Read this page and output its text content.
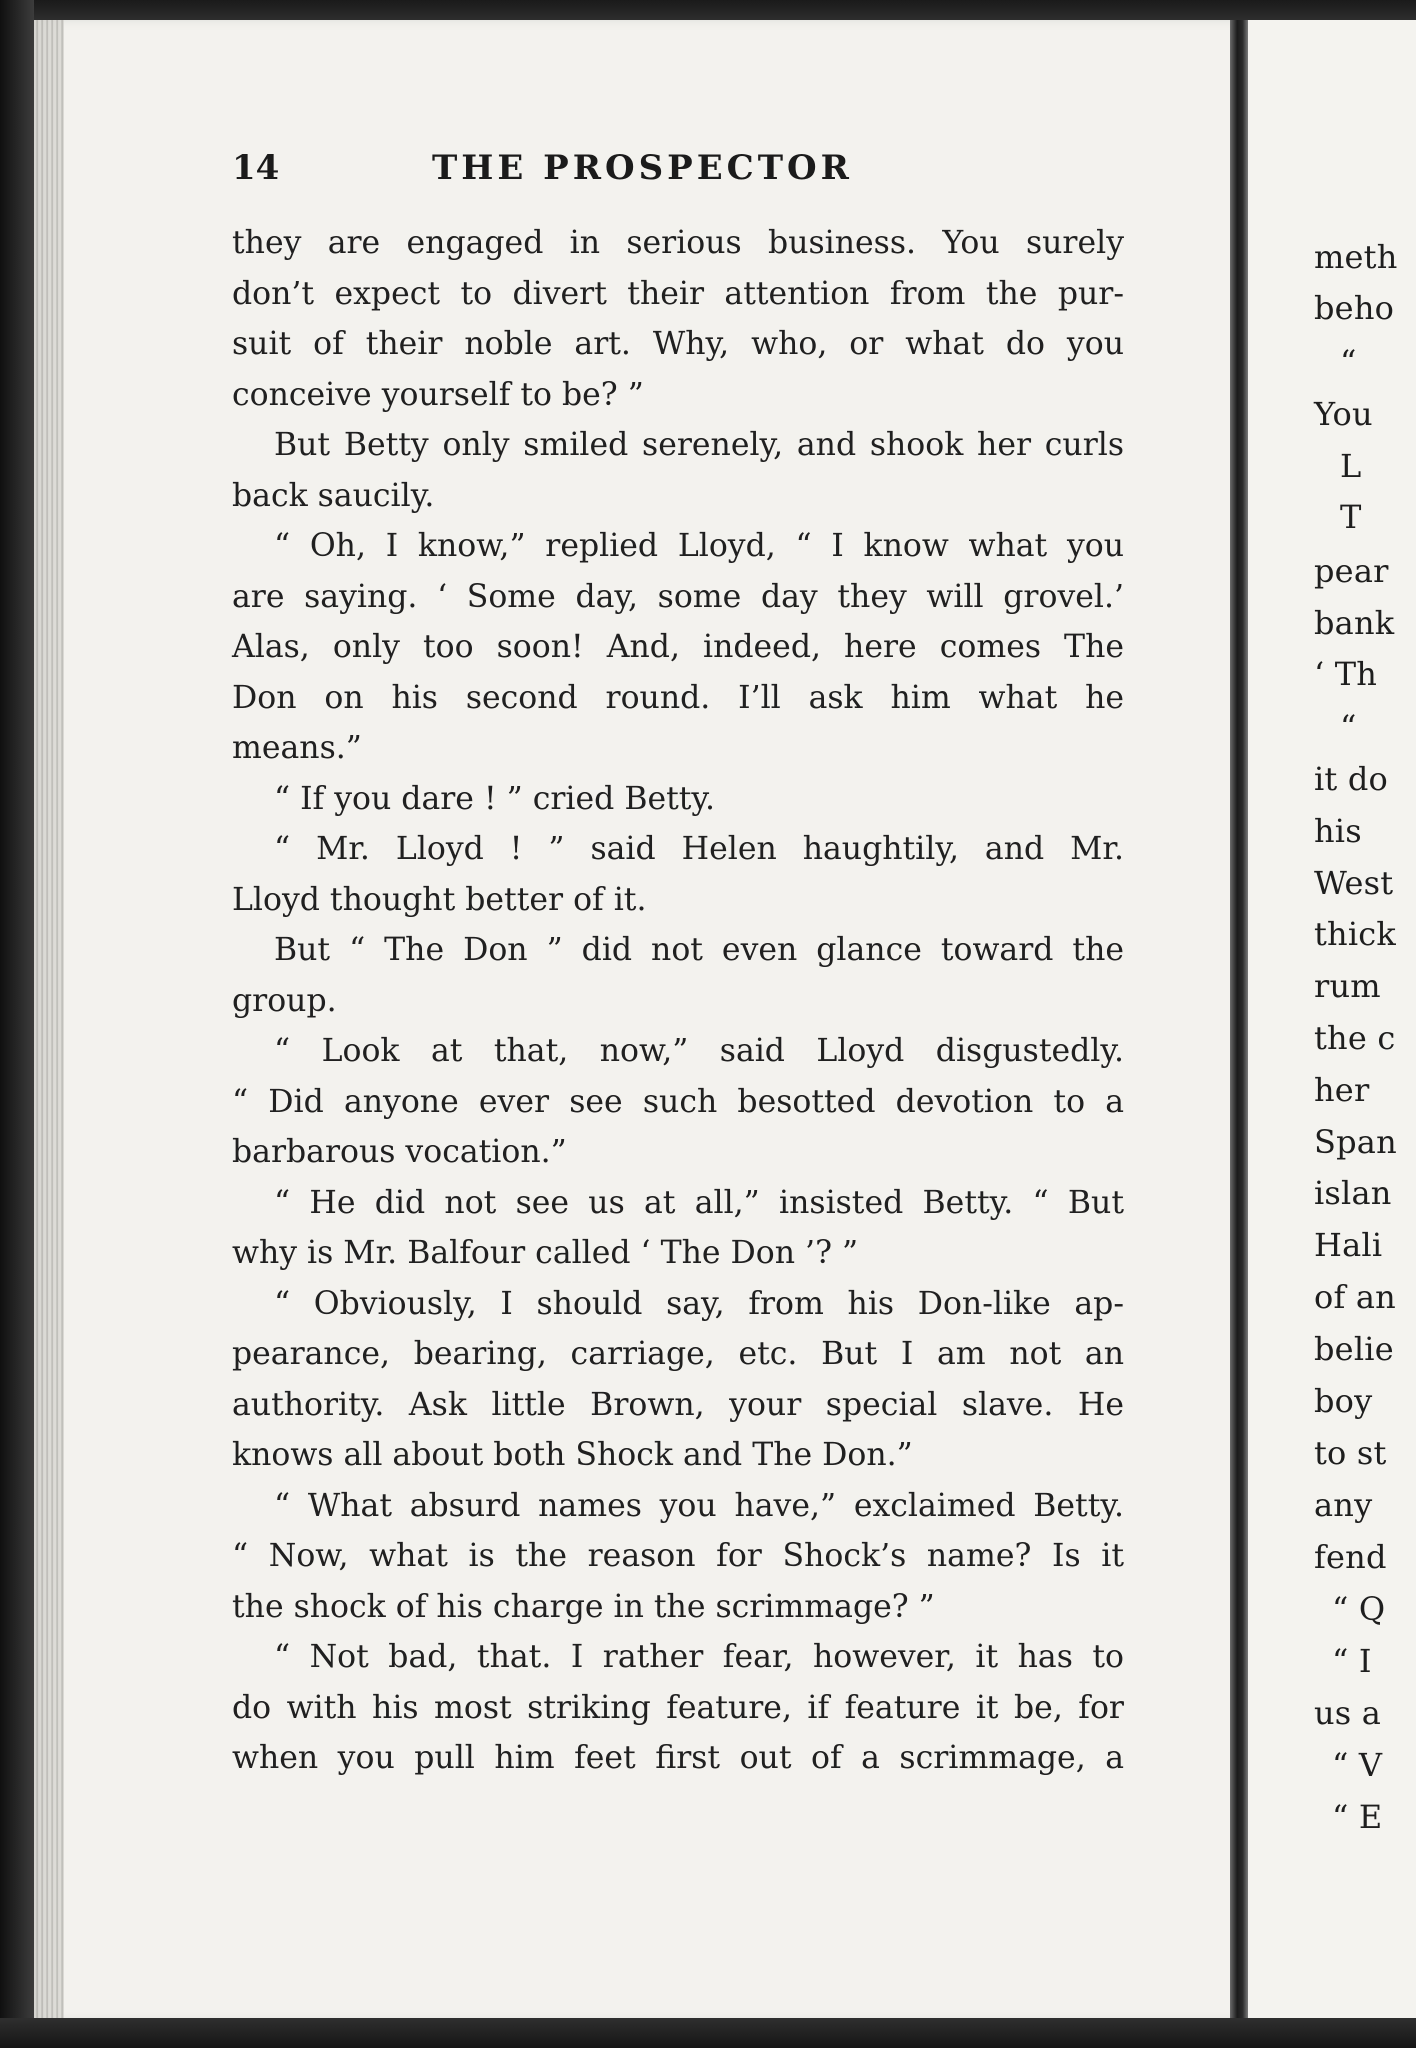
14	THE PROSPECTOR
they are engaged in serious business. You surely
don’t expect to divert their attention from the pur-
suit of their noble art. Why, who, or what do you
conceive yourself to be? ”
But Betty only smiled serenely, and shook her curls
back saucily.
“ Oh, I know,” replied Lloyd, “ I know what you
are saying. ‘ Some day, some day they will grovel.’
Alas, only too soon! And, indeed, here comes The
Don on his second round. I’ll ask him what he
means.”
“ If you dare ! ” cried Betty.
“ Mr. Lloyd ! ” said Helen haughtily, and Mr.
Lloyd thought better of it.
But “ The Don ” did not even glance toward the
group.
“ Look at that, now,” said Lloyd disgustedly.
“ Did anyone ever see such besotted devotion to a
barbarous vocation.”
“ He did not see us at all,” insisted Betty. “ But
why is Mr. Balfour called ‘ The Don ’? ”
“ Obviously, I should say, from his Don-like ap-
pearance, bearing, carriage, etc. But I am not an
authority. Ask little Brown, your special slave. He
knows all about both Shock and The Don.”
“ What absurd names you have,” exclaimed Betty.
“ Now, what is the reason for Shock’s name? Is it
the shock of his charge in the scrimmage? ”
“ Not bad, that. I rather fear, however, it has to
do with his most striking feature, if feature it be, for
when you pull him feet first out of a scrimmage, a
meth
beho
“
You
L
T
pear
bank
‘ Th
“
it do
his
West
thick
rum
the c
her
Span
islan
Hali
of an
belie
boy
to st
any
fend
“ Q
“ I
us a
“ V
“ E
